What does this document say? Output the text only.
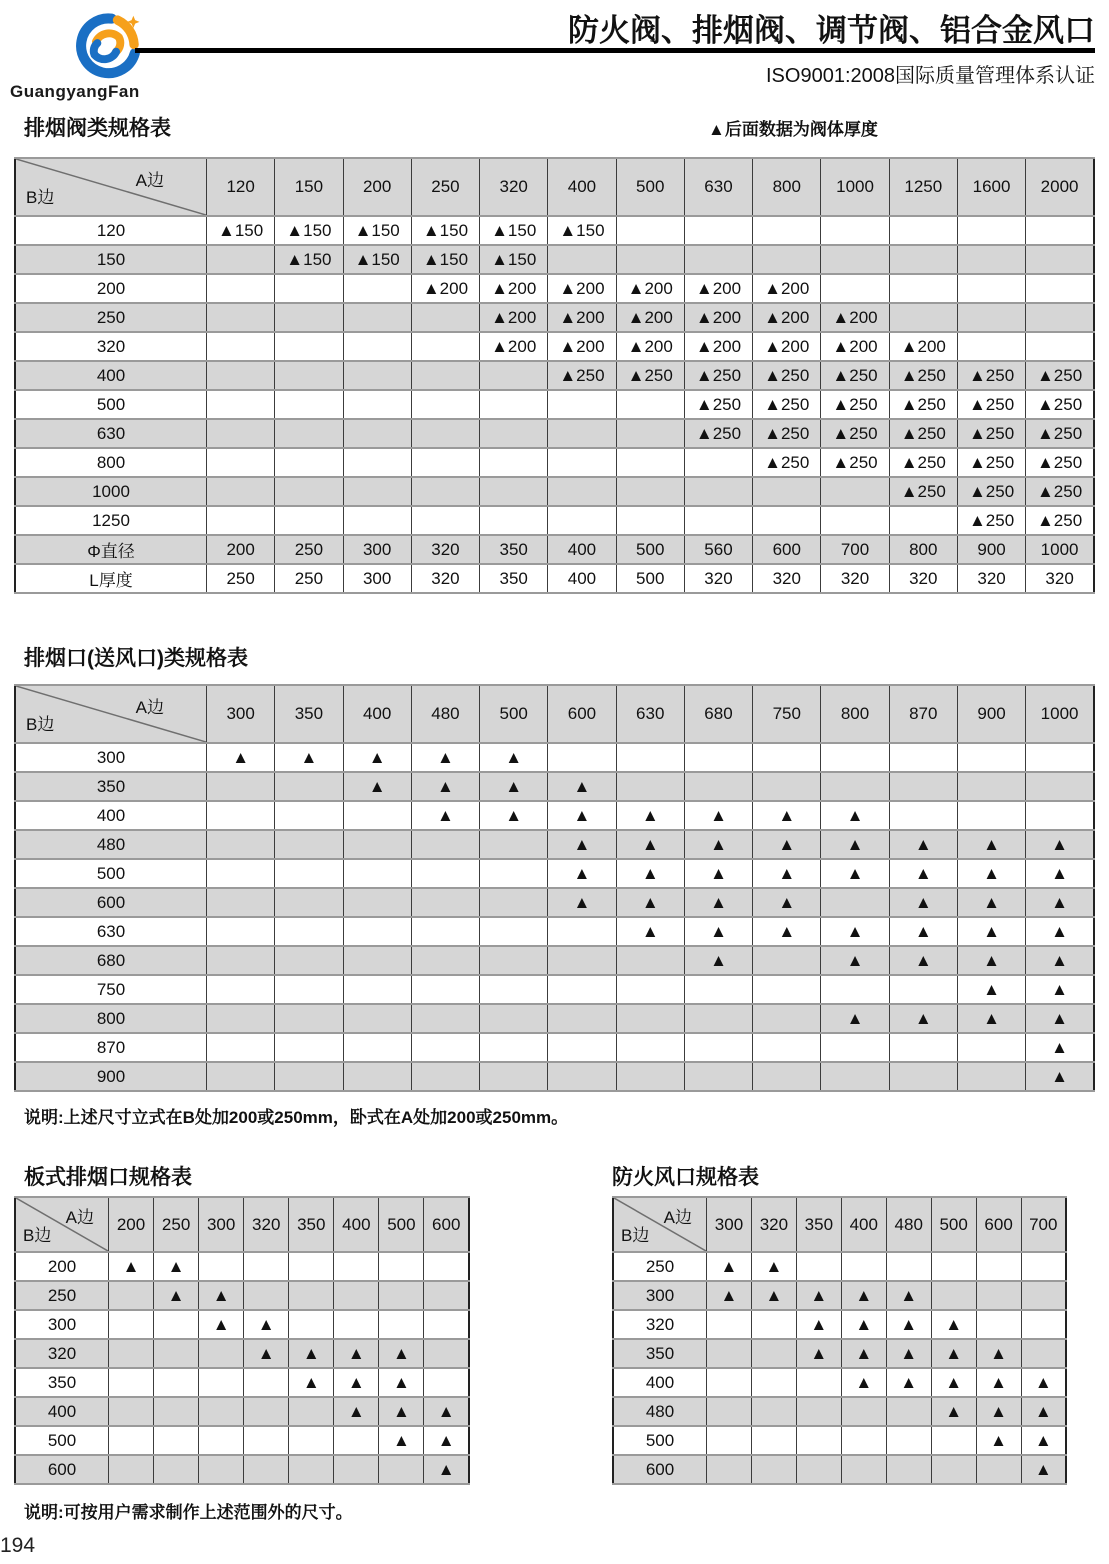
GuangyangFan
防火阀、排烟阀、调节阀、铝合金风口
ISO9001:2008国际质量管理体系认证
排烟阀类规格表	▲后面数据为阀体厚度
A边
B边	120	150	200	250	320	400	500	630	800	1000	1250	1600	2000
120	▲150	▲150	▲150	▲150	▲150	▲150							
150		▲150	▲150	▲150	▲150								
200				▲200	▲200	▲200	▲200	▲200	▲200				
250					▲200	▲200	▲200	▲200	▲200	▲200			
320					▲200	▲200	▲200	▲200	▲200	▲200	▲200		
400						▲250	▲250	▲250	▲250	▲250	▲250	▲250	▲250
500								▲250	▲250	▲250	▲250	▲250	▲250
630								▲250	▲250	▲250	▲250	▲250	▲250
800									▲250	▲250	▲250	▲250	▲250
1000											▲250	▲250	▲250
1250												▲250	▲250
Φ直径	200	250	300	320	350	400	500	560	600	700	800	900	1000
L厚度	250	250	300	320	350	400	500	320	320	320	320	320	320
排烟口(送风口)类规格表
A边
B边	300	350	400	480	500	600	630	680	750	800	870	900	1000
300	▲	▲	▲	▲	▲								
350			▲	▲	▲	▲							
400				▲	▲	▲	▲	▲	▲	▲			
480						▲	▲	▲	▲	▲	▲	▲	▲
500						▲	▲	▲	▲	▲	▲	▲	▲
600						▲	▲	▲	▲		▲	▲	▲
630							▲	▲	▲	▲	▲	▲	▲
680								▲		▲	▲	▲	▲
750												▲	▲
800										▲	▲	▲	▲
870													▲
900													▲
说明:上述尺寸立式在B处加200或250mm，卧式在A处加200或250mm。
板式排烟口规格表	防火风口规格表
A边
B边	200	250	300	320	350	400	500	600
200	▲	▲						
250		▲	▲					
300			▲	▲				
320				▲	▲	▲	▲	
350					▲	▲	▲	
400						▲	▲	▲
500							▲	▲
600								▲
A边
B边	300	320	350	400	480	500	600	700
250	▲	▲						
300	▲	▲	▲	▲	▲			
320			▲	▲	▲	▲		
350			▲	▲	▲	▲	▲	
400				▲	▲	▲	▲	▲
480						▲	▲	▲
500							▲	▲
600								▲
说明:可按用户需求制作上述范围外的尺寸。
194
